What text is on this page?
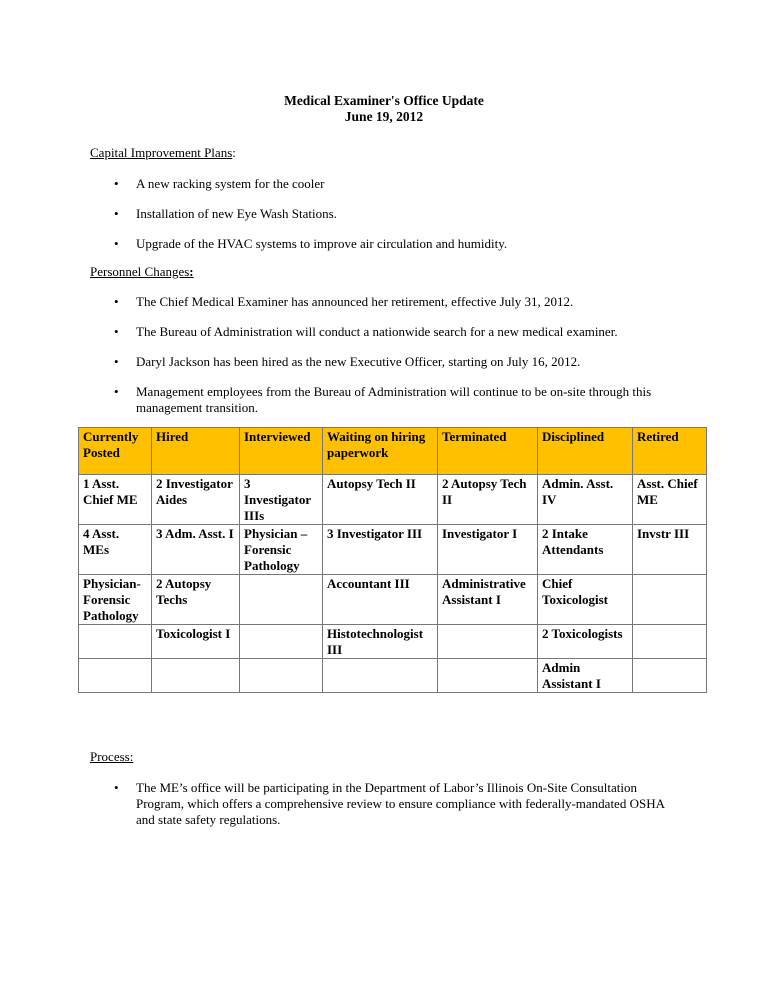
Medical Examiner's Office Update
June 19, 2012
Capital Improvement Plans:
• A new racking system for the cooler
• Installation of new Eye Wash Stations.
• Upgrade of the HVAC systems to improve air circulation and humidity.
Personnel Changes:
• The Chief Medical Examiner has announced her retirement, effective July 31, 2012.
• The Bureau of Administration will conduct a nationwide search for a new medical examiner.
• Daryl Jackson has been hired as the new Executive Officer, starting on July 16, 2012.
• Management employees from the Bureau of Administration will continue to be on-site through this management transition.
Currently Posted	Hired	Interviewed	Waiting on hiring paperwork	Terminated	Disciplined	Retired
1 Asst. Chief ME	2 Investigator Aides	3 Investigator IIIs	Autopsy Tech II	2 Autopsy Tech II	Admin. Asst. IV	Asst. Chief ME
4 Asst. MEs	3 Adm. Asst. I	Physician – Forensic Pathology	3 Investigator III	Investigator I	2 Intake Attendants	Invstr III
Physician-Forensic Pathology	2 Autopsy Techs		Accountant III	Administrative Assistant I	Chief Toxicologist	
	Toxicologist I		Histotechnologist III		2 Toxicologists	
					Admin Assistant I	
Process:
• The ME’s office will be participating in the Department of Labor’s Illinois On-Site Consultation Program, which offers a comprehensive review to ensure compliance with federally-mandated OSHA and state safety regulations.
